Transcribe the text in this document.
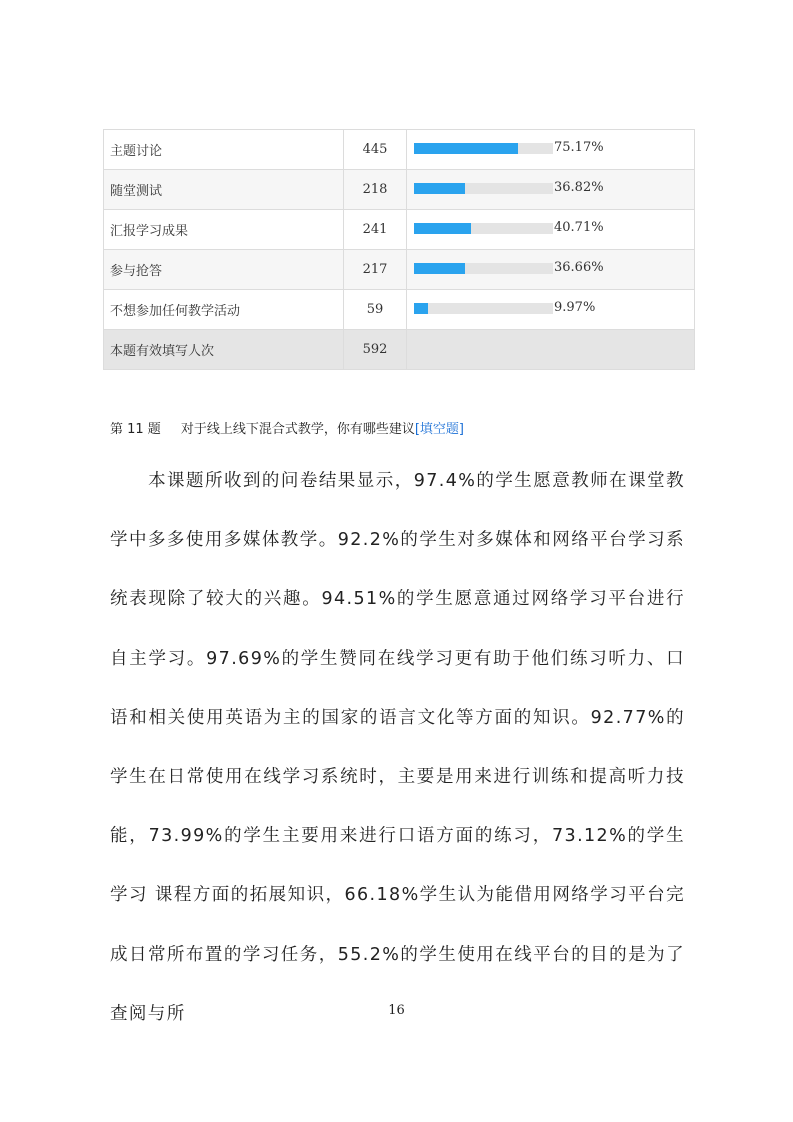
主题讨论	445	75.17%

随堂测试	218	36.82%

汇报学习成果	241	40.71%

参与抢答	217	36.66%

不想参加任何教学活动	59	9.97%

本题有效填写人次	592	
第 11 题 对于线上线下混合式教学，你有哪些建议[填空题]
本课题所收到的问卷结果显示，97.4%的学生愿意教师在课堂教学中多多使用多媒体教学。92.2%的学生对多媒体和网络平台学习系统表现除了较大的兴趣。94.51%的学生愿意通过网络学习平台进行自主学习。97.69%的学生赞同在线学习更有助于他们练习听力、口语和相关使用英语为主的国家的语言文化等方面的知识。92.77%的学生在日常使用在线学习系统时，主要是用来进行训练和提高听力技能，73.99%的学生主要用来进行口语方面的练习，73.12%的学生学习 课程方面的拓展知识，66.18%学生认为能借用网络学习平台完成日常所布置的学习任务，55.2%的学生使用在线平台的目的是为了查阅与所	16
